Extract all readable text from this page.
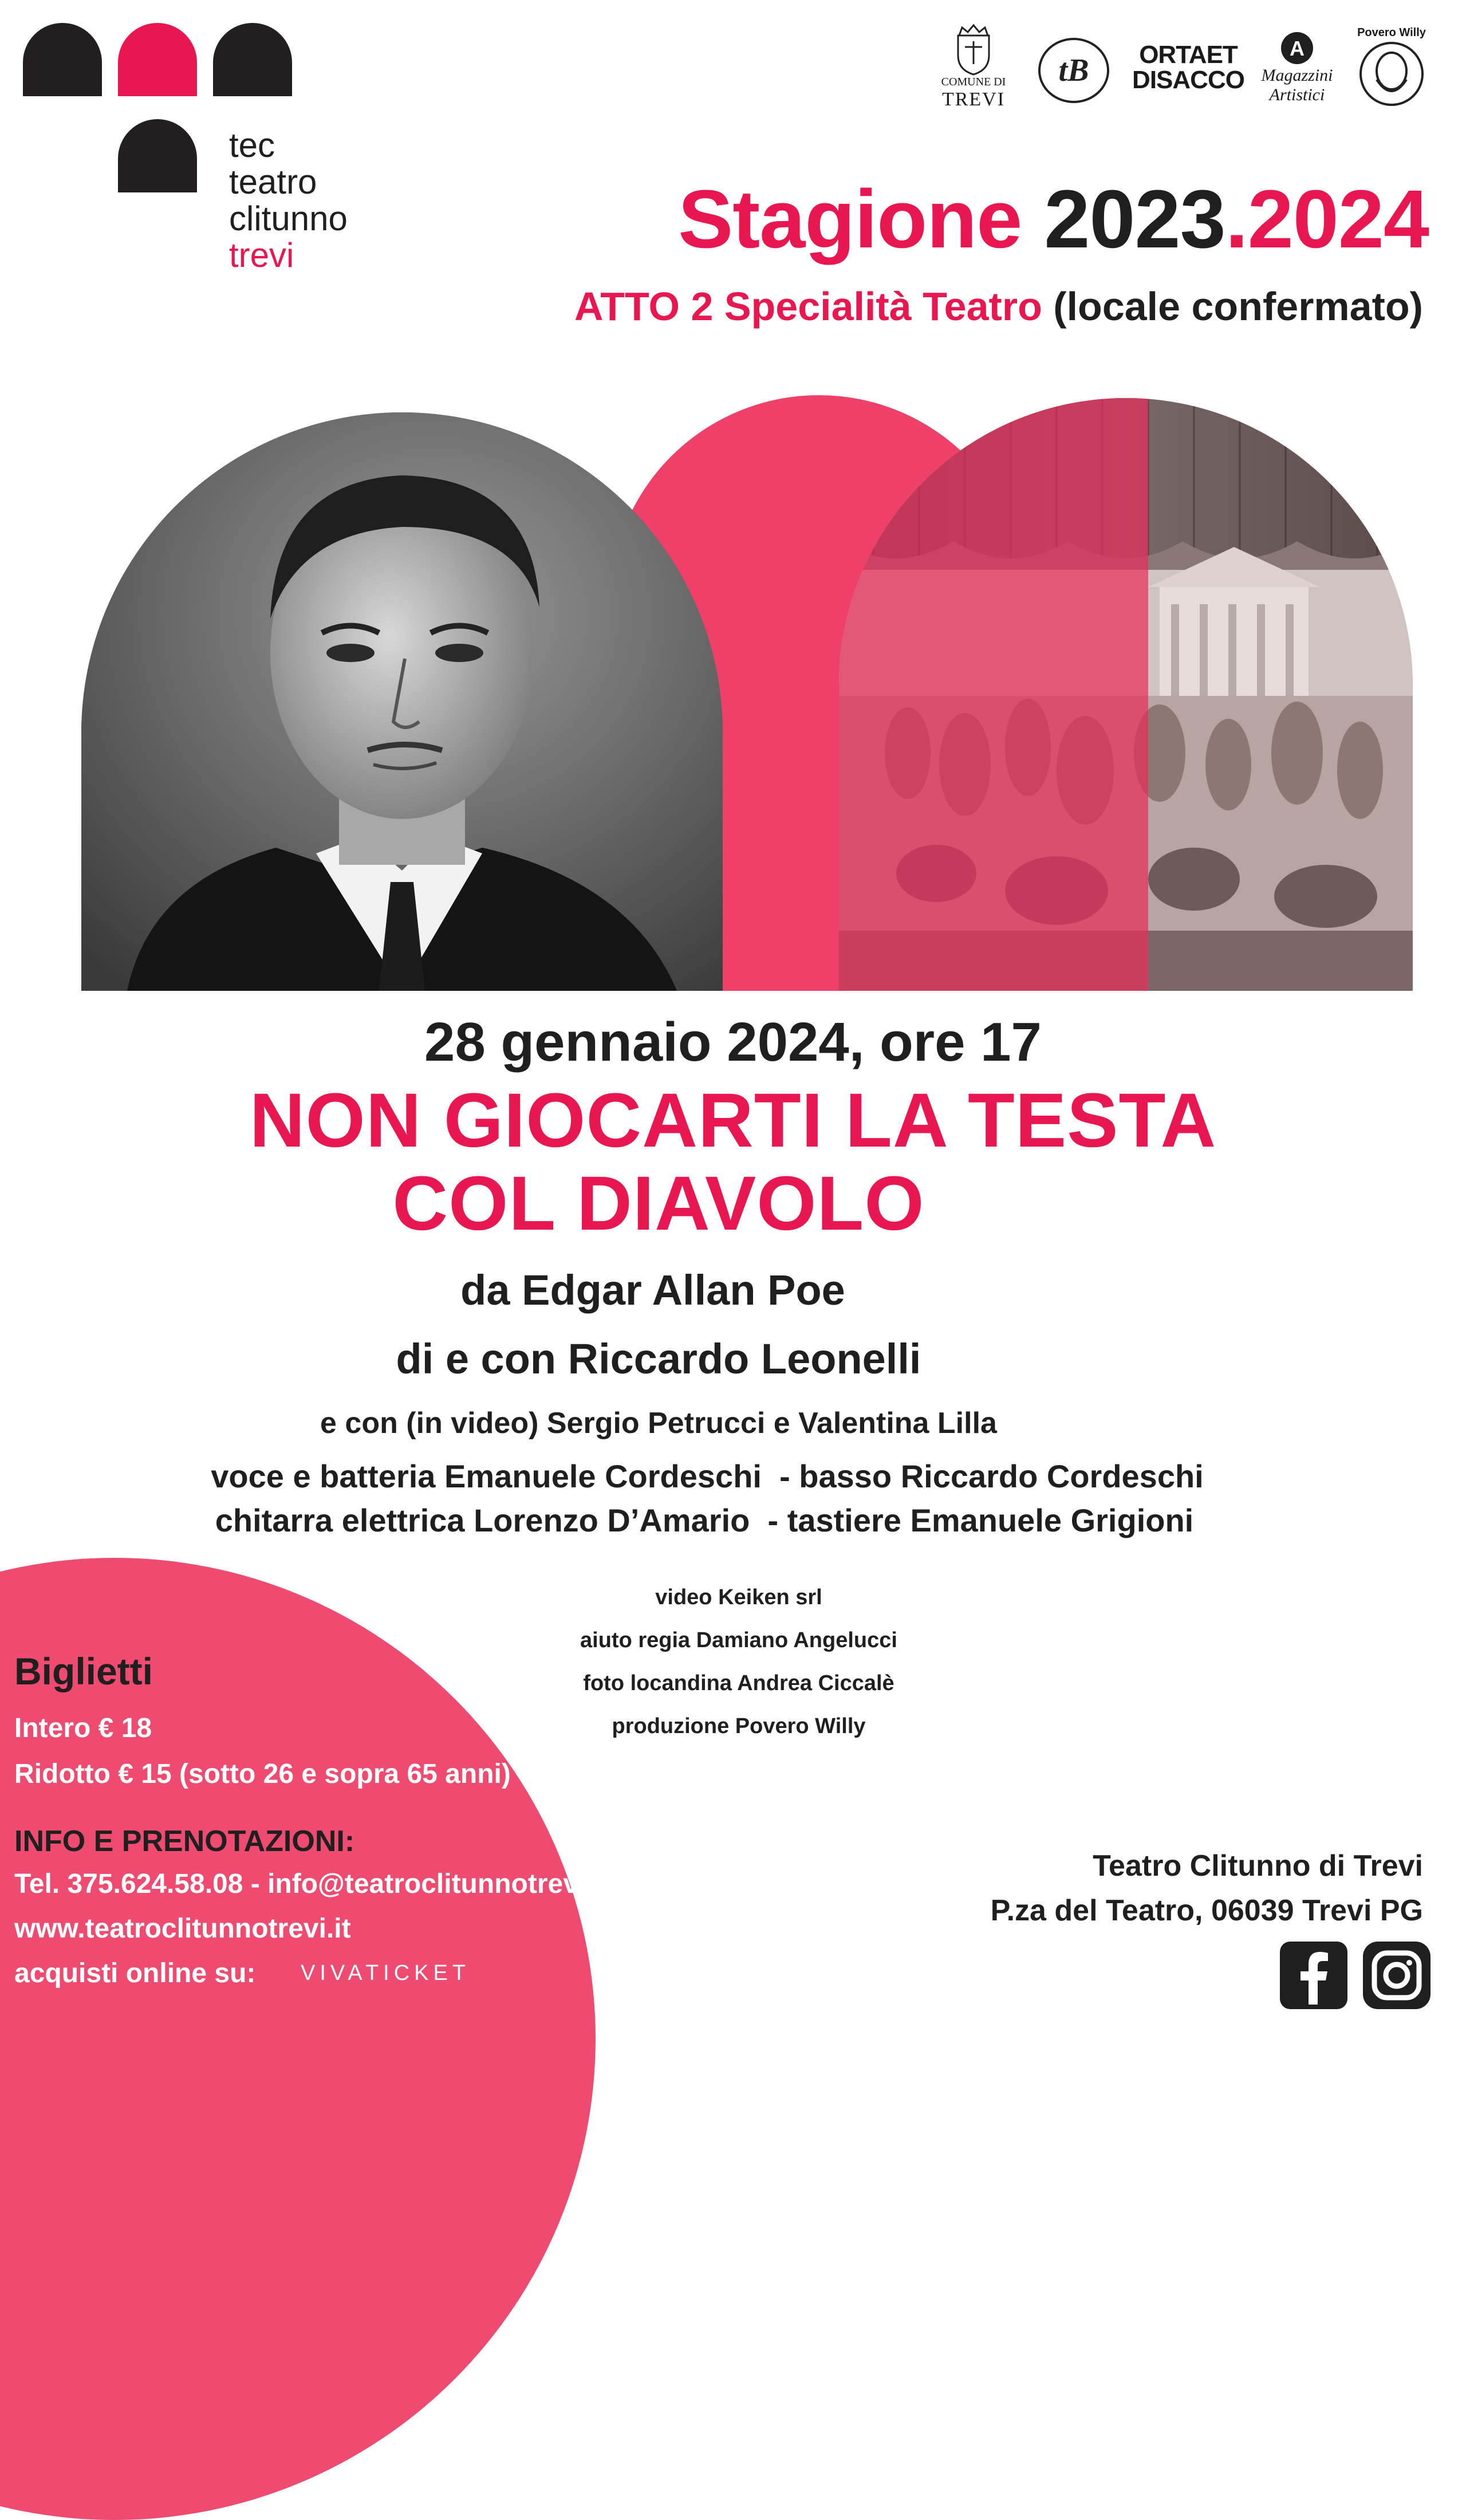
tec
teatro
clitunno
trevi
COMUNE DI
TREVI
tB ORTAET
DISACCO
A
Magazzini
Artistici
Povero Willy
Stagione 2023.2024
ATTO 2 Specialità Teatro (locale confermato)
28 gennaio 2024, ore 17
NON GIOCARTI LA TESTA
COL DIAVOLO
da Edgar Allan Poe
di e con Riccardo Leonelli
e con (in video) Sergio Petrucci e Valentina Lilla
voce e batteria Emanuele Cordeschi  - basso Riccardo Cordeschi
chitarra elettrica Lorenzo D’Amario  - tastiere Emanuele Grigioni
video Keiken srl
aiuto regia Damiano Angelucci
foto locandina Andrea Ciccalè
produzione Povero Willy
Biglietti
Intero € 18
Ridotto € 15 (sotto 26 e sopra 65 anni)
INFO E PRENOTAZIONI:
Tel. 375.624.58.08 - info@teatroclitunnotrevi.it
www.teatroclitunnotrevi.it
acquisti online su: VIVATICKET
Teatro Clitunno di Trevi
P.za del Teatro, 06039 Trevi PG
